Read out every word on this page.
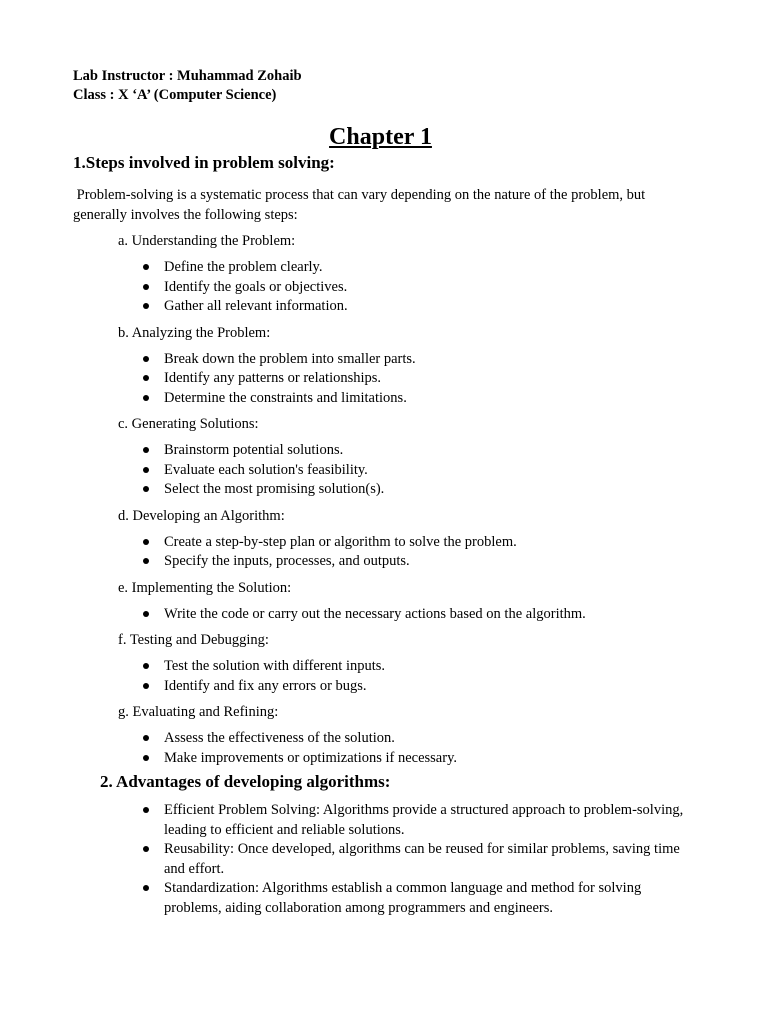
Lab Instructor : Muhammad Zohaib
Class : X ‘A’ (Computer Science)
Chapter 1
1.Steps involved in problem solving:
Problem-solving is a systematic process that can vary depending on the nature of the problem, but generally involves the following steps:
a. Understanding the Problem:
Define the problem clearly.
Identify the goals or objectives.
Gather all relevant information.
b. Analyzing the Problem:
Break down the problem into smaller parts.
Identify any patterns or relationships.
Determine the constraints and limitations.
c. Generating Solutions:
Brainstorm potential solutions.
Evaluate each solution's feasibility.
Select the most promising solution(s).
d. Developing an Algorithm:
Create a step-by-step plan or algorithm to solve the problem.
Specify the inputs, processes, and outputs.
e. Implementing the Solution:
Write the code or carry out the necessary actions based on the algorithm.
f. Testing and Debugging:
Test the solution with different inputs.
Identify and fix any errors or bugs.
g. Evaluating and Refining:
Assess the effectiveness of the solution.
Make improvements or optimizations if necessary.
2. Advantages of developing algorithms:
Efficient Problem Solving: Algorithms provide a structured approach to problem-solving, leading to efficient and reliable solutions.
Reusability: Once developed, algorithms can be reused for similar problems, saving time and effort.
Standardization: Algorithms establish a common language and method for solving problems, aiding collaboration among programmers and engineers.
